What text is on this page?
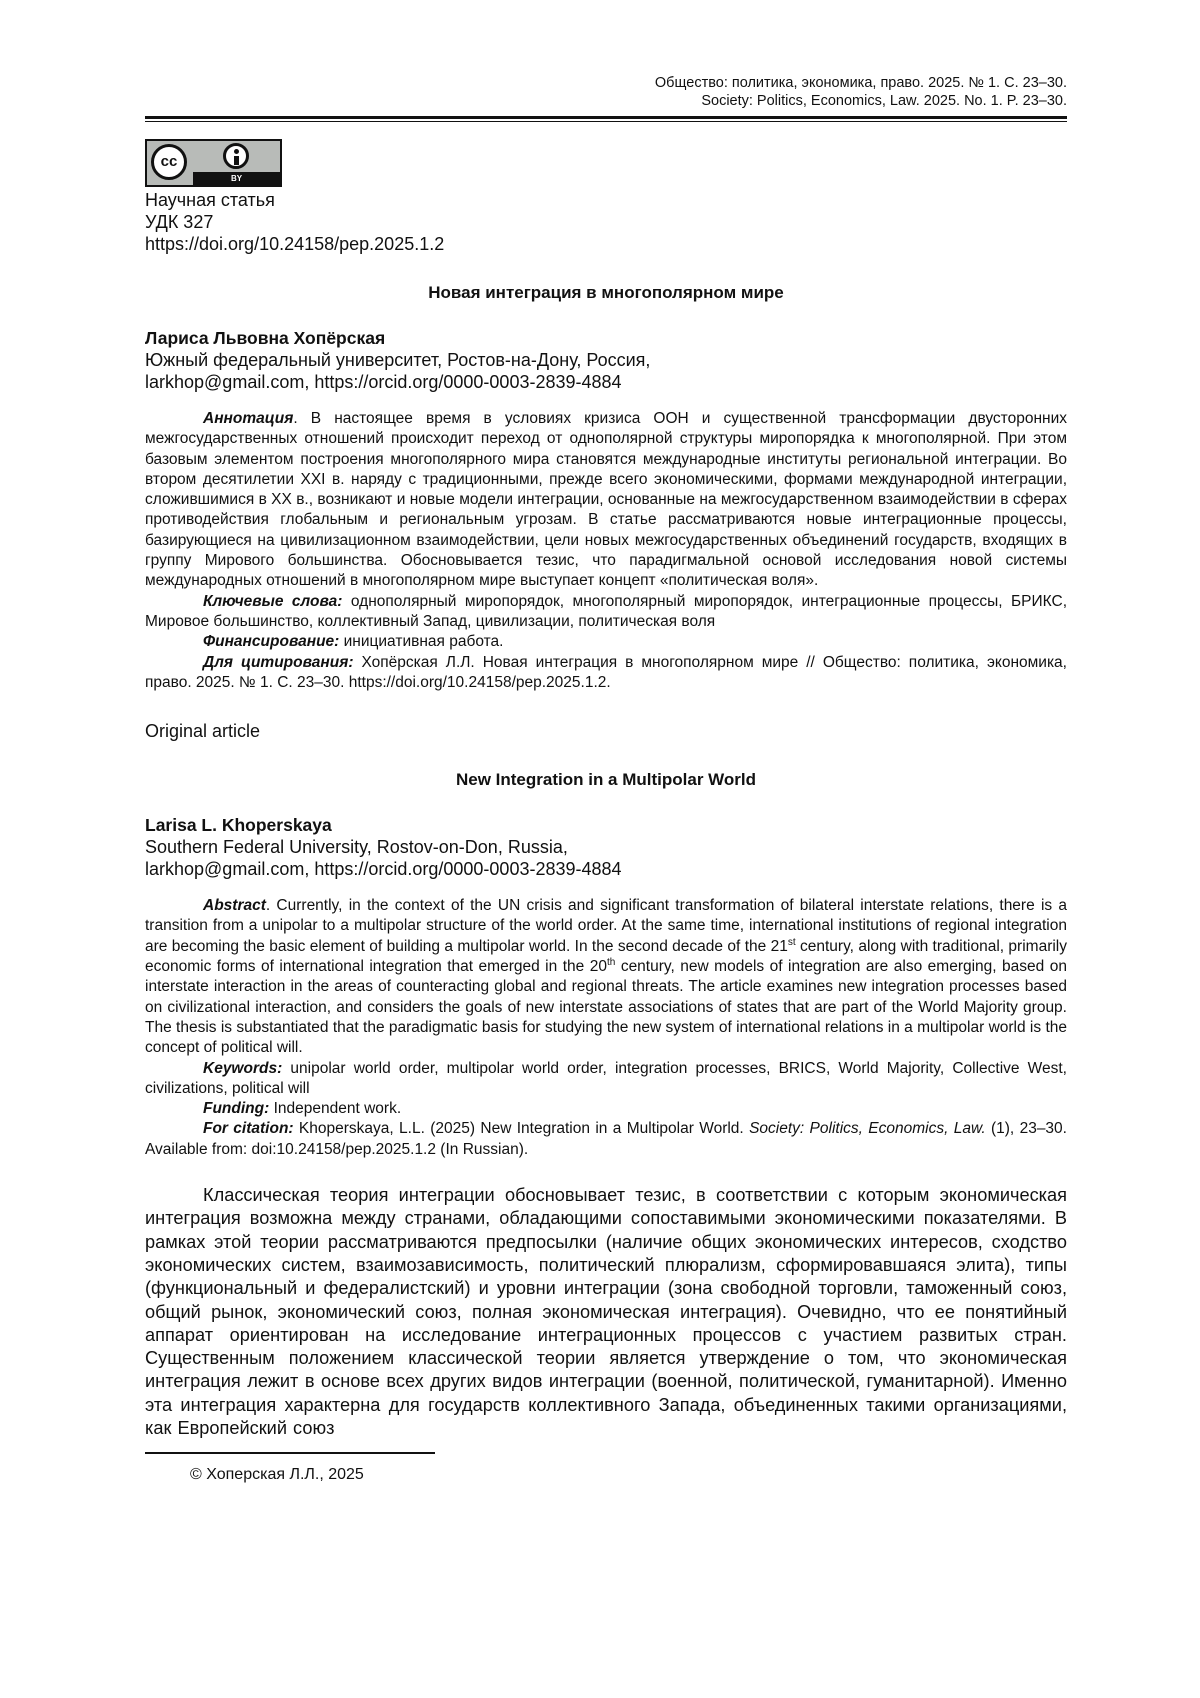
Общество: политика, экономика, право. 2025. № 1. С. 23–30.
Society: Politics, Economics, Law. 2025. No. 1. P. 23–30.
cc
BY
Научная статья
УДК 327
https://doi.org/10.24158/pep.2025.1.2
Новая интеграция в многополярном мире
Лариса Львовна Хопёрская
Южный федеральный университет, Ростов-на-Дону, Россия,
larkhop@gmail.com, https://orcid.org/0000-0003-2839-4884

Аннотация. В настоящее время в условиях кризиса ООН и существенной трансформации двусторонних межгосударственных отношений происходит переход от однополярной структуры миропорядка к многополярной. При этом базовым элементом построения многополярного мира становятся международные институты региональной интеграции. Во втором десятилетии XXI в. наряду с традиционными, прежде всего экономическими, формами международной интеграции, сложившимися в XX в., возникают и новые модели интеграции, основанные на межгосударственном взаимодействии в сферах противодействия глобальным и региональным угрозам. В статье рассматриваются новые интеграционные процессы, базирующиеся на цивилизационном взаимодействии, цели новых межгосударственных объединений государств, входящих в группу Мирового большинства. Обосновывается тезис, что парадигмальной основой исследования новой системы международных отношений в многополярном мире выступает концепт «политическая воля».

Ключевые слова: однополярный миропорядок, многополярный миропорядок, интеграционные процессы, БРИКС, Мировое большинство, коллективный Запад, цивилизации, политическая воля

Финансирование: инициативная работа.

Для цитирования: Хопёрская Л.Л. Новая интеграция в многополярном мире // Общество: политика, экономика, право. 2025. № 1. С. 23–30. https://doi.org/10.24158/pep.2025.1.2.

Original article
New Integration in a Multipolar World
Larisa L. Khoperskaya
Southern Federal University, Rostov-on-Don, Russia,
larkhop@gmail.com, https://orcid.org/0000-0003-2839-4884

Abstract. Currently, in the context of the UN crisis and significant transformation of bilateral interstate relations, there is a transition from a unipolar to a multipolar structure of the world order. At the same time, international institutions of regional integration are becoming the basic element of building a multipolar world. In the second decade of the 21st century, along with traditional, primarily economic forms of international integration that emerged in the 20th century, new models of integration are also emerging, based on interstate interaction in the areas of counteracting global and regional threats. The article examines new integration processes based on civilizational interaction, and considers the goals of new interstate associations of states that are part of the World Majority group. The thesis is substantiated that the paradigmatic basis for studying the new system of international relations in a multipolar world is the concept of political will.

Keywords: unipolar world order, multipolar world order, integration processes, BRICS, World Majority, Collective West, civilizations, political will

Funding: Independent work.

For citation: Khoperskaya, L.L. (2025) New Integration in a Multipolar World. Society: Politics, Economics, Law. (1), 23–30. Available from: doi:10.24158/pep.2025.1.2 (In Russian).

Классическая теория интеграции обосновывает тезис, в соответствии с которым экономическая интеграция возможна между странами, обладающими сопоставимыми экономическими показателями. В рамках этой теории рассматриваются предпосылки (наличие общих экономических интересов, сходство экономических систем, взаимозависимость, политический плюрализм, сформировавшаяся элита), типы (функциональный и федералистский) и уровни интеграции (зона свободной торговли, таможенный союз, общий рынок, экономический союз, полная экономическая интеграция). Очевидно, что ее понятийный аппарат ориентирован на исследование интеграционных процессов с участием развитых стран. Существенным положением классической теории является утверждение о том, что экономическая интеграция лежит в основе всех других видов интеграции (военной, политической, гуманитарной). Именно эта интеграция характерна для государств коллективного Запада, объединенных такими организациями, как Европейский союз

© Хоперская Л.Л., 2025
